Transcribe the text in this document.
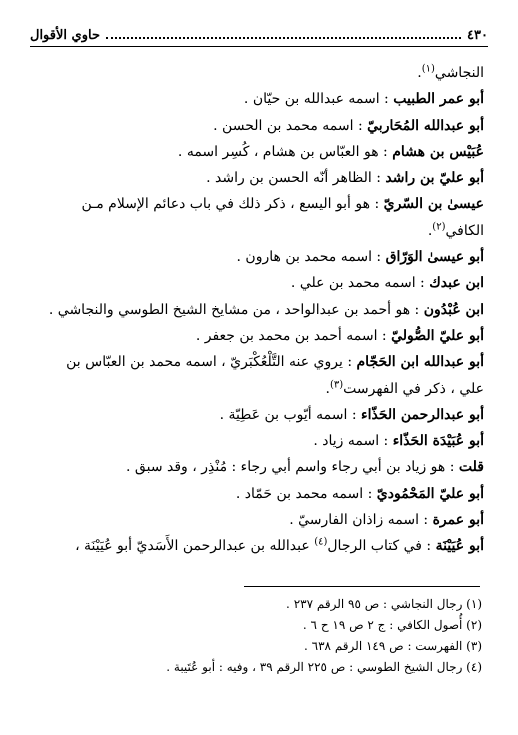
٤٣٠
حاوي الأقوال
النجاشي$^{(١)}$.
أبو عمر الطبيب : اسمه عبدالله بن حيّان .
أبو عبدالله المُحَاربيّ : اسمه محمد بن الحسن .
عُبَيْس بن هشام : هو العبّاس بن هشام ، كُسِر اسمه .
أبو عليّ بن راشد : الظاهر أنّه الحسن بن راشد .
عيسىٰ بن السّريّ : هو أبو اليسع ، ذكر ذلك في باب دعائم الإسلام مـن
الكافي$^{(٢)}$.
أبو عيسىٰ الوَرّاق : اسمه محمد بن هارون .
ابن عبدك : اسمه محمد بن علي .
ابن عُبْدُون : هو أحمد بن عبدالواحد ، من مشايخ الشيخ الطوسي والنجاشي .
أبو عليّ الصُّوليّ : اسمه أحمد بن محمد بن جعفر .
أبو عبدالله ابن الحَجّام : يروي عنه التَّلْعُكْبَريّ ، اسمه محمد بن العبّاس بن
علي ، ذكر في الفهرست$^{(٣)}$.
أبو عبدالرحمن الحَذّاء : اسمه أيّوب بن عَطِيّة .
أبو عُبَيْدَة الحَذّاء : اسمه زياد .
قلت : هو زياد بن أبي رجاء واسم أبي رجاء : مُنْذِر ، وقد سبق .
أبو عليّ المَحْمُوديّ : اسمه محمد بن حَمّاد .
أبو عمرة : اسمه زاذان الفارسيّ .
أبو عُيَيْنَة : في كتاب الرجال$^{(٤)}$ عبدالله بن عبدالرحمن الأَسَديّ أبو عُيَيْنَة ،
(١) رجال النجاشي : ص ٩٥ الرقم ٢٣٧ .
(٢) أُصول الكافي : ج ٢ ص ١٩ ح ٦ .
(٣) الفهرست : ص ١٤٩ الرقم ٦٣٨ .
(٤) رجال الشيخ الطوسي : ص ٢٢٥ الرقم ٣٩ ، وفيه : أبو عُتَيبة .
